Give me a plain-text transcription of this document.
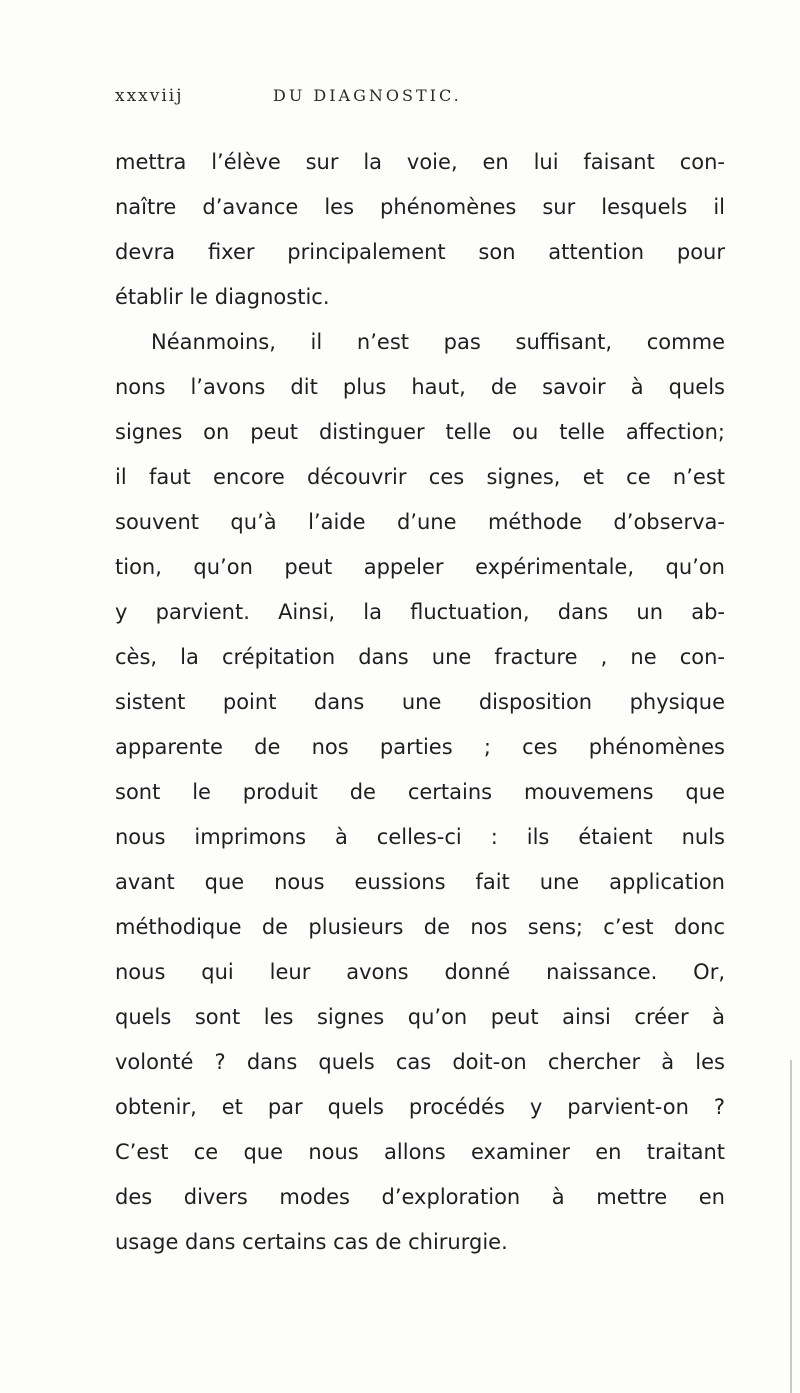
xxxviij	DU DIAGNOSTIC.
mettra l’élève sur la voie, en lui faisant con-
naître d’avance les phénomènes sur lesquels il
devra fixer principalement son attention pour
établir le diagnostic.
Néanmoins, il n’est pas suffisant, comme
nons l’avons dit plus haut, de savoir à quels
signes on peut distinguer telle ou telle affection;
il faut encore découvrir ces signes, et ce n’est
souvent qu’à l’aide d’une méthode d’observa-
tion, qu’on peut appeler expérimentale, qu’on
y parvient. Ainsi, la fluctuation, dans un ab-
cès, la crépitation dans une fracture , ne con-
sistent point dans une disposition physique
apparente de nos parties ; ces phénomènes
sont le produit de certains mouvemens que
nous imprimons à celles-ci : ils étaient nuls
avant que nous eussions fait une application
méthodique de plusieurs de nos sens; c’est donc
nous qui leur avons donné naissance. Or,
quels sont les signes qu’on peut ainsi créer à
volonté ? dans quels cas doit-on chercher à les
obtenir, et par quels procédés y parvient-on ?
C’est ce que nous allons examiner en traitant
des divers modes d’exploration à mettre en
usage dans certains cas de chirurgie.
